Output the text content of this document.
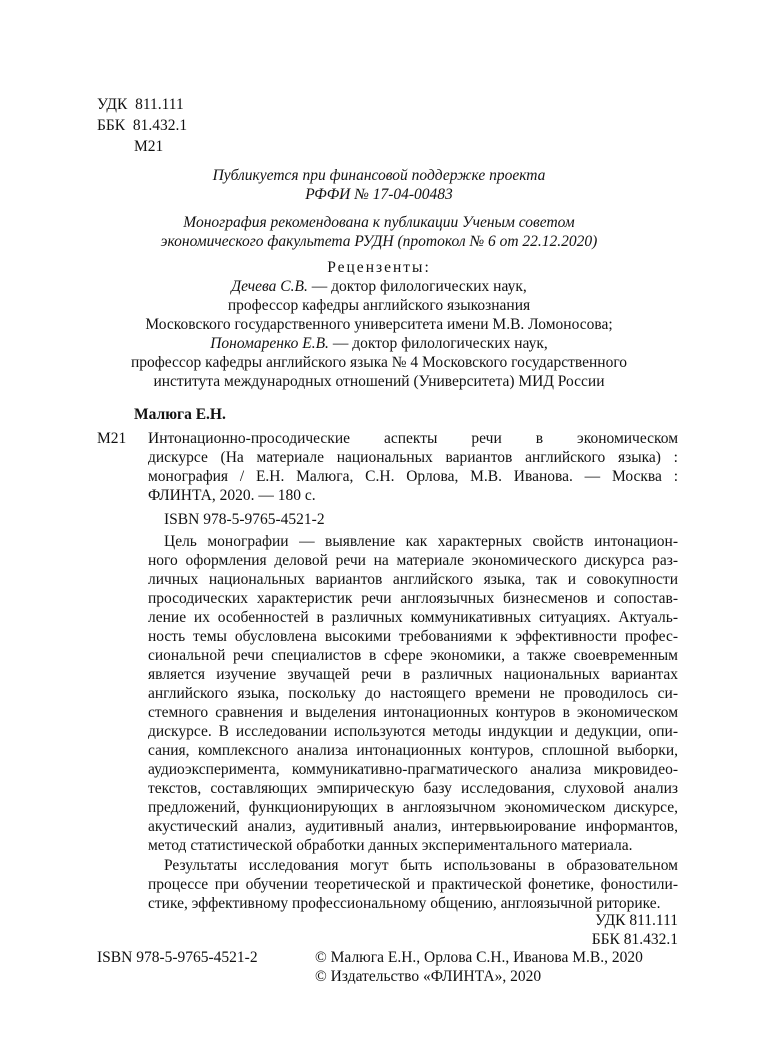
УДК 811.111
ББК 81.432.1
М21
Публикуется при финансовой поддержке проекта
РФФИ № 17-04-00483
Монография рекомендована к публикации Ученым советом
экономического факультета РУДН (протокол № 6 от 22.12.2020)
Рецензенты:
Дечева С.В. — доктор филологических наук,
профессор кафедры английского языкознания
Московского государственного университета имени М.В. Ломоносова;
Пономаренко Е.В. — доктор филологических наук,
профессор кафедры английского языка № 4 Московского государственного
института международных отношений (Университета) МИД России
Малюга Е.Н.
М21 Интонационно-просодические аспекты речи в экономическом
дискурсе (На материале национальных вариантов английского языка) :
монография / Е.Н. Малюга, С.Н. Орлова, М.В. Иванова. — Москва :
ФЛИНТА, 2020. — 180 с.
ISBN 978-5-9765-4521-2
Цель монографии — выявление как характерных свойств интонацион-
ного оформления деловой речи на материале экономического дискурса раз-
личных национальных вариантов английского языка, так и совокупности
просодических характеристик речи англоязычных бизнесменов и сопостав-
ление их особенностей в различных коммуникативных ситуациях. Актуаль-
ность темы обусловлена высокими требованиями к эффективности профес-
сиональной речи специалистов в сфере экономики, а также своевременным
является изучение звучащей речи в различных национальных вариантах
английского языка, поскольку до настоящего времени не проводилось си-
стемного сравнения и выделения интонационных контуров в экономическом
дискурсе. В исследовании используются методы индукции и дедукции, опи-
сания, комплексного анализа интонационных контуров, сплошной выборки,
аудиоэксперимента, коммуникативно-прагматического анализа микровидео-
текстов, составляющих эмпирическую базу исследования, слуховой анализ
предложений, функционирующих в англоязычном экономическом дискурсе,
акустический анализ, аудитивный анализ, интервьюирование информантов,
метод статистической обработки данных экспериментального материала.
Результаты исследования могут быть использованы в образовательном
процессе при обучении теоретической и практической фонетике, фоностили-
стике, эффективному профессиональному общению, англоязычной риторике.
УДК 811.111
ББК 81.432.1
ISBN 978-5-9765-4521-2	© Малюга Е.Н., Орлова С.Н., Иванова М.В., 2020
© Издательство «ФЛИНТА», 2020
